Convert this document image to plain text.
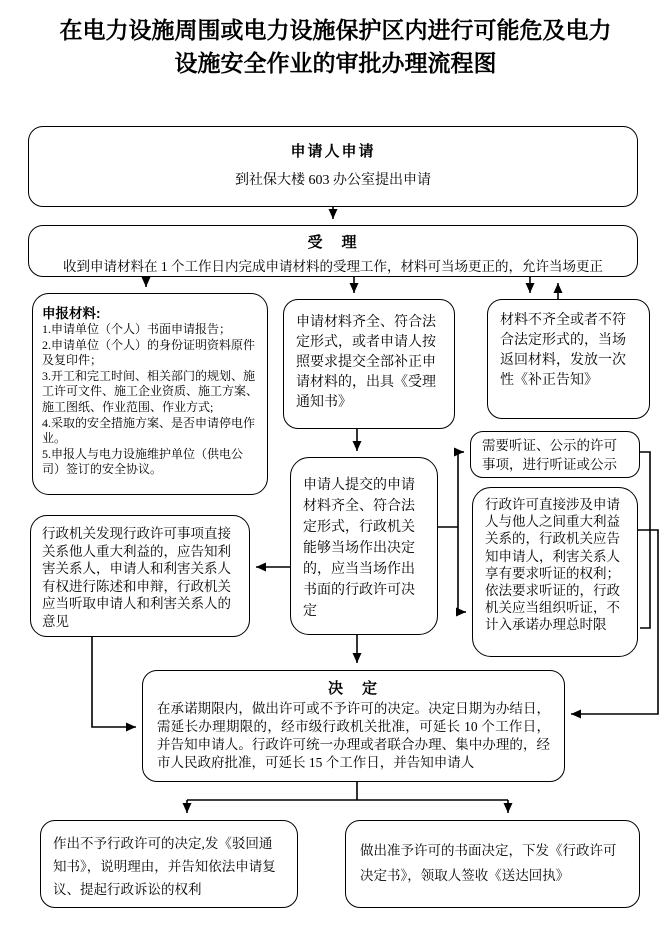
在电力设施周围或电力设施保护区内进行可能危及电力
设施安全作业的审批办理流程图
申请人申请
到社保大楼 603 办公室提出申请
受　理
收到申请材料在 1 个工作日内完成申请材料的受理工作，材料可当场更正的，允许当场更正
申报材料:
1.申请单位（个人）书面申请报告；
2.申请单位（个人）的身份证明资料原件及复印件；
3.开工和完工时间、相关部门的规划、施工许可文件、施工企业资质、施工方案、施工图纸、作业范围、作业方式;
4.采取的安全措施方案、是否申请停电作业。
5.申报人与电力设施维护单位（供电公司）签订的安全协议。
申请材料齐全、符合法定形式，或者申请人按照要求提交全部补正申请材料的，出具《受理通知书》
材料不齐全或者不符合法定形式的，当场返回材料，发放一次性《补正告知》
需要听证、公示的许可事项，进行听证或公示
行政许可直接涉及申请人与他人之间重大利益关系的，行政机关应告知申请人，利害关系人享有要求听证的权利；依法要求听证的，行政机关应当组织听证，不计入承诺办理总时限
申请人提交的申请材料齐全、符合法定形式，行政机关能够当场作出决定的，应当当场作出书面的行政许可决定
行政机关发现行政许可事项直接关系他人重大利益的，应告知利害关系人，申请人和利害关系人有权进行陈述和申辩，行政机关应当听取申请人和利害关系人的意见
决　定
在承诺期限内，做出许可或不予许可的决定。决定日期为办结日，需延长办理期限的，经市级行政机关批准，可延长 10 个工作日，并告知申请人。行政许可统一办理或者联合办理、集中办理的，经市人民政府批准，可延长 15 个工作日，并告知申请人
作出不予行政许可的决定,发《驳回通知书》，说明理由，并告知依法申请复议、提起行政诉讼的权利
做出准予许可的书面决定，下发《行政许可决定书》，领取人签收《送达回执》
